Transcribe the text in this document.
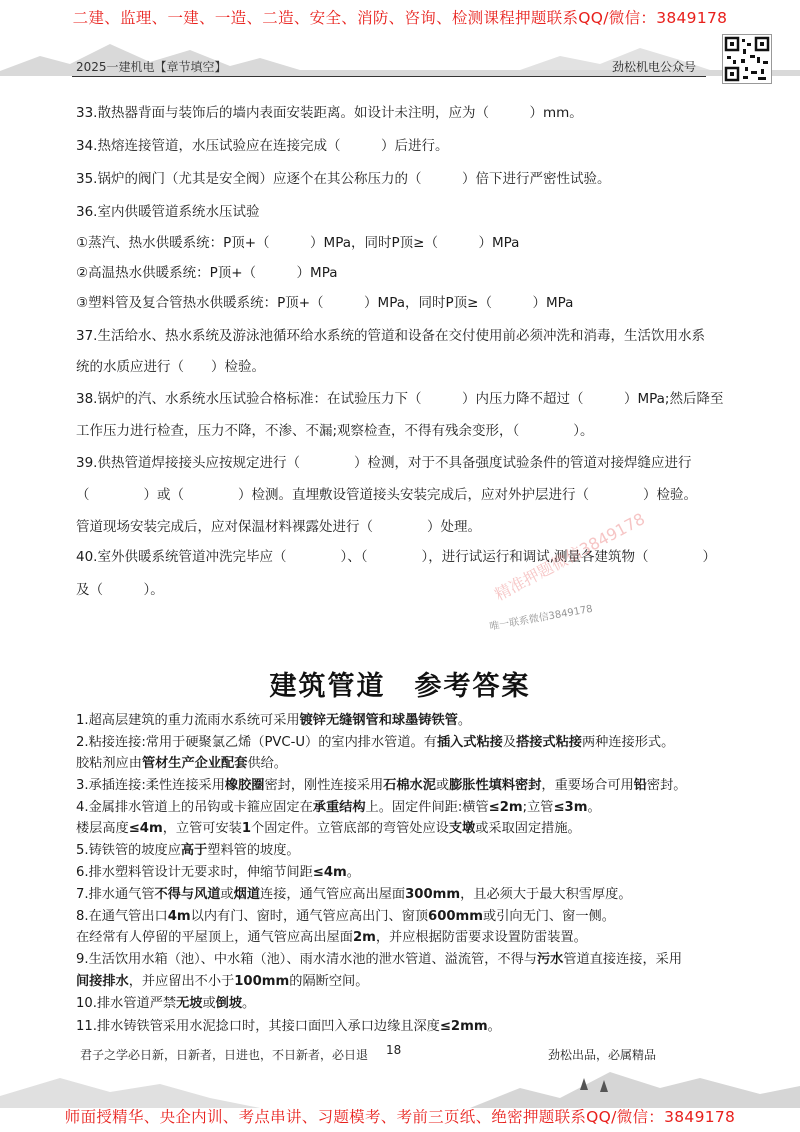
二建、监理、一建、一造、二造、安全、消防、咨询、检测课程押题联系QQ/微信：3849178
2025一建机电【章节填空】	劲松机电公众号
33.散热器背面与装饰后的墙内表面安装距离。如设计未注明，应为（　　　）mm。
34.热熔连接管道，水压试验应在连接完成（　　　）后进行。
35.锅炉的阀门（尤其是安全阀）应逐个在其公称压力的（　　　）倍下进行严密性试验。
36.室内供暖管道系统水压试验
①蒸汽、热水供暖系统：P顶+（　　　）MPa，同时P顶≥（　　　）MPa
②高温热水供暖系统：P顶+（　　　）MPa
③塑料管及复合管热水供暖系统：P顶+（　　　）MPa，同时P顶≥（　　　）MPa
37.生活给水、热水系统及游泳池循环给水系统的管道和设备在交付使用前必须冲洗和消毒，生活饮用水系
统的水质应进行（　　）检验。
38.锅炉的汽、水系统水压试验合格标准：在试验压力下（　　　）内压力降不超过（　　　）MPa;然后降至
工作压力进行检查，压力不降，不渗、不漏;观察检查，不得有残余变形，（　　　　）。
39.供热管道焊接接头应按规定进行（　　　　）检测，对于不具备强度试验条件的管道对接焊缝应进行
（　　　　）或（　　　　）检测。直埋敷设管道接头安装完成后，应对外护层进行（　　　　）检验。
管道现场安装完成后，应对保温材料裸露处进行（　　　　）处理。
40.室外供暖系统管道冲洗完毕应（　　　　）、（　　　　），进行试运行和调试,测量各建筑物（　　　　）
及（　　　）。	精准押题微信3849178
唯一联系微信3849178
建筑管道　参考答案
1.超高层建筑的重力流雨水系统可采用镀锌无缝钢管和球墨铸铁管。
2.粘接连接:常用于硬聚氯乙烯（PVC-U）的室内排水管道。有插入式粘接及搭接式粘接两种连接形式。
胶粘剂应由管材生产企业配套供给。
3.承插连接:柔性连接采用橡胶圈密封，刚性连接采用石棉水泥或膨胀性填料密封，重要场合可用铅密封。
4.金属排水管道上的吊钩或卡箍应固定在承重结构上。固定件间距:横管≤2m;立管≤3m。
楼层高度≤4m，立管可安装1个固定件。立管底部的弯管处应设支墩或采取固定措施。
5.铸铁管的坡度应高于塑料管的坡度。
6.排水塑料管设计无要求时，伸缩节间距≤4m。
7.排水通气管不得与风道或烟道连接，通气管应高出屋面300mm，且必须大于最大积雪厚度。
8.在通气管出口4m以内有门、窗时，通气管应高出门、窗顶600mm或引向无门、窗一侧。
在经常有人停留的平屋顶上，通气管应高出屋面2m，并应根据防雷要求设置防雷装置。
9.生活饮用水箱（池）、中水箱（池）、雨水清水池的泄水管道、溢流管，不得与污水管道直接连接，采用
间接排水，并应留出不小于100mm的隔断空间。
10.排水管道严禁无坡或倒坡。
11.排水铸铁管采用水泥捻口时，其接口面凹入承口边缘且深度≤2mm。
君子之学必日新，日新者，日进也，不日新者，必日退 18	劲松出品，必属精品
师面授精华、央企内训、考点串讲、习题模考、考前三页纸、绝密押题联系QQ/微信：3849178
